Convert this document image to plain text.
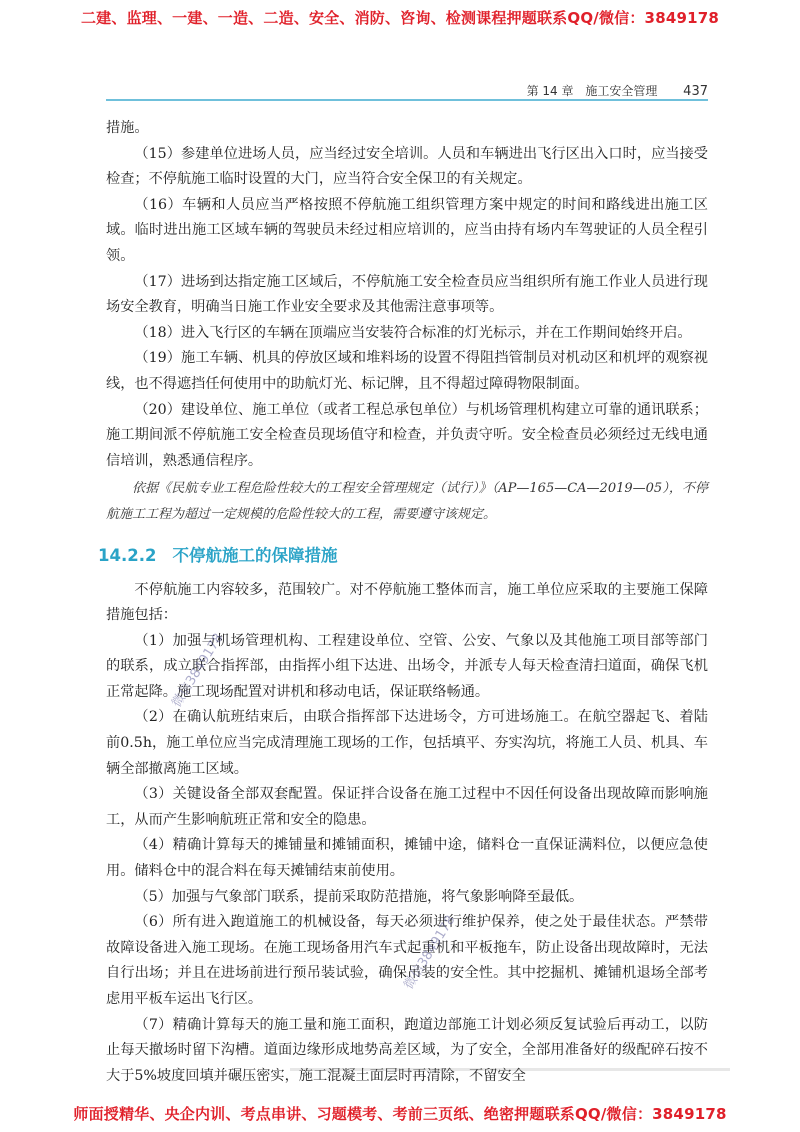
二建、监理、一建、一造、二造、安全、消防、咨询、检测课程押题联系QQ/微信：3849178
第 14 章 施工安全管理 437

措施。

（15）参建单位进场人员，应当经过安全培训。人员和车辆进出飞行区出入口时，应当接受检查；不停航施工临时设置的大门，应当符合安全保卫的有关规定。

（16）车辆和人员应当严格按照不停航施工组织管理方案中规定的时间和路线进出施工区域。临时进出施工区域车辆的驾驶员未经过相应培训的，应当由持有场内车驾驶证的人员全程引领。

（17）进场到达指定施工区域后，不停航施工安全检查员应当组织所有施工作业人员进行现场安全教育，明确当日施工作业安全要求及其他需注意事项等。

（18）进入飞行区的车辆在顶端应当安装符合标准的灯光标示，并在工作期间始终开启。

（19）施工车辆、机具的停放区域和堆料场的设置不得阻挡管制员对机动区和机坪的观察视线，也不得遮挡任何使用中的助航灯光、标记牌，且不得超过障碍物限制面。

（20）建设单位、施工单位（或者工程总承包单位）与机场管理机构建立可靠的通讯联系；施工期间派不停航施工安全检查员现场值守和检查，并负责守听。安全检查员必须经过无线电通信培训，熟悉通信程序。

依据《民航专业工程危险性较大的工程安全管理规定（试行）》（AP—165—CA—2019—05），不停航施工工程为超过一定规模的危险性较大的工程，需要遵守该规定。

14.2.2 不停航施工的保障措施

不停航施工内容较多，范围较广。对不停航施工整体而言，施工单位应采取的主要施工保障措施包括：

（1）加强与机场管理机构、工程建设单位、空管、公安、气象以及其他施工项目部等部门的联系，成立联合指挥部，由指挥小组下达进、出场令，并派专人每天检查清扫道面，确保飞机正常起降。施工现场配置对讲机和移动电话，保证联络畅通。

（2）在确认航班结束后，由联合指挥部下达进场令，方可进场施工。在航空器起飞、着陆前0.5h，施工单位应当完成清理施工现场的工作，包括填平、夯实沟坑，将施工人员、机具、车辆全部撤离施工区域。

（3）关键设备全部双套配置。保证拌合设备在施工过程中不因任何设备出现故障而影响施工，从而产生影响航班正常和安全的隐患。

（4）精确计算每天的摊铺量和摊铺面积，摊铺中途，储料仓一直保证满料位，以便应急使用。储料仓中的混合料在每天摊铺结束前使用。

（5）加强与气象部门联系，提前采取防范措施，将气象影响降至最低。

（6）所有进入跑道施工的机械设备，每天必须进行维护保养，使之处于最佳状态。严禁带故障设备进入施工现场。在施工现场备用汽车式起重机和平板拖车，防止设备出现故障时，无法自行出场；并且在进场前进行预吊装试验，确保吊装的安全性。其中挖掘机、摊铺机退场全部考虑用平板车运出飞行区。

（7）精确计算每天的施工量和施工面积，跑道边部施工计划必须反复试验后再动工，以防止每天撤场时留下沟槽。道面边缘形成地势高差区域，为了安全，全部用准备好的级配碎石按不大于5%坡度回填并碾压密实，施工混凝土面层时再清除，不留安全

微信3849178
微信3849178
师面授精华、央企内训、考点串讲、习题模考、考前三页纸、绝密押题联系QQ/微信：3849178
